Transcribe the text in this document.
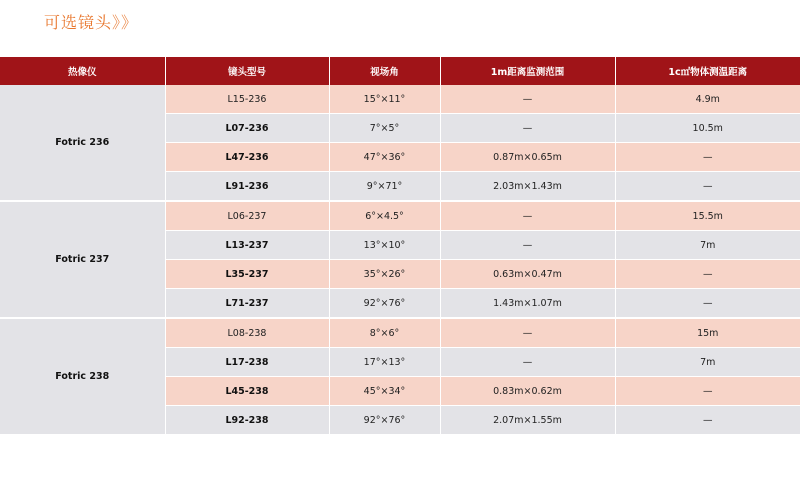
可选镜头》》
热像仪	镜头型号	视场角	1m距离监测范围	1c㎡物体测温距离
Fotric 236	L15-236	15°×11°	—	4.9m
	L07-236	7°×5°	—	10.5m
	L47-236	47°×36°	0.87m×0.65m	—
	L91-236	9°×71°	2.03m×1.43m	—
Fotric 237	L06-237	6°×4.5°	—	15.5m
	L13-237	13°×10°	—	7m
	L35-237	35°×26°	0.63m×0.47m	—
	L71-237	92°×76°	1.43m×1.07m	—
Fotric 238	L08-238	8°×6°	—	15m
	L17-238	17°×13°	—	7m
	L45-238	45°×34°	0.83m×0.62m	—
	L92-238	92°×76°	2.07m×1.55m	—
